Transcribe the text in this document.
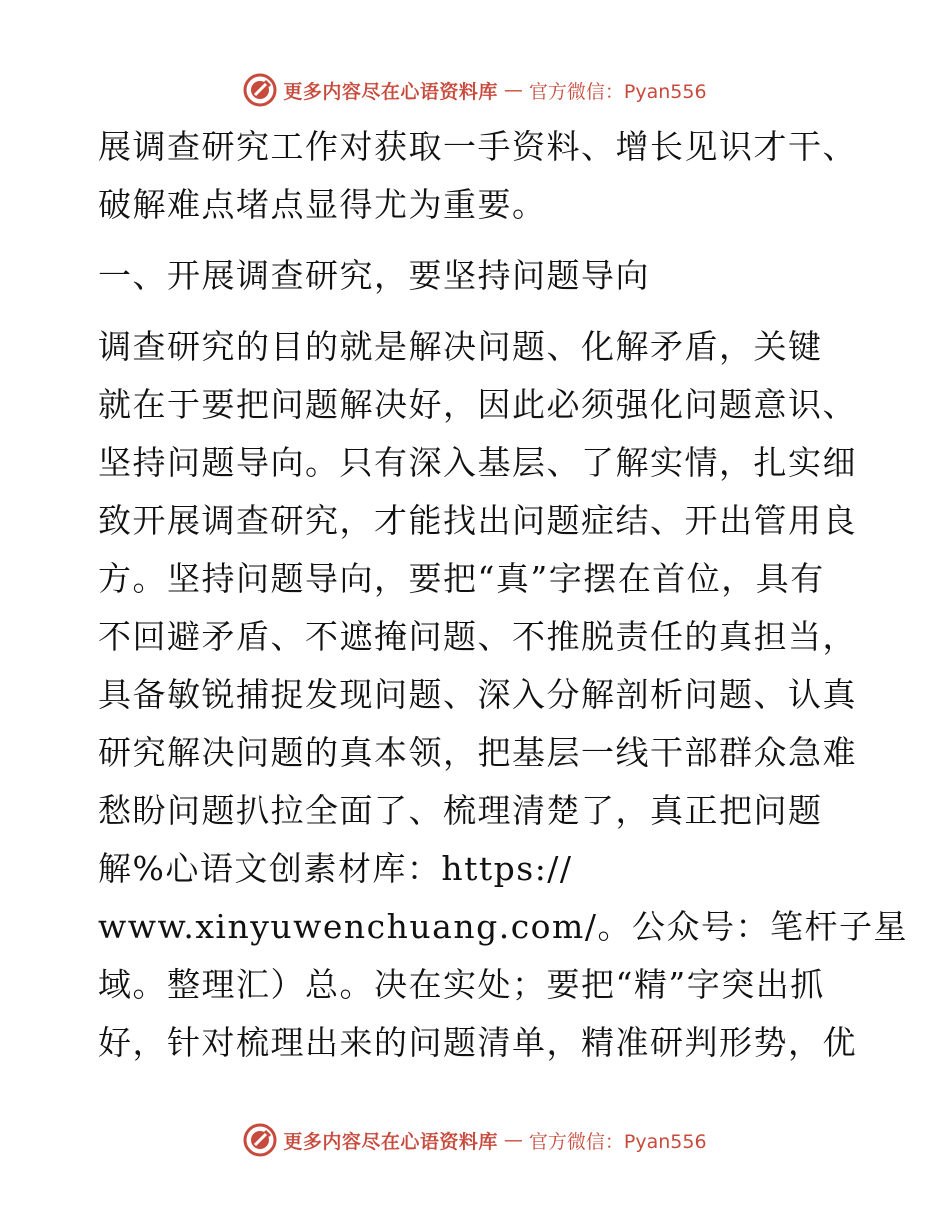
更多内容尽在心语资料库 — 官方微信：Pyan556
展调查研究工作对获取一手资料、增长见识才干、
破解难点堵点显得尤为重要。
一、开展调查研究，要坚持问题导向
调查研究的目的就是解决问题、化解矛盾，关键
就在于要把问题解决好，因此必须强化问题意识、
坚持问题导向。只有深入基层、了解实情，扎实细
致开展调查研究，才能找出问题症结、开出管用良
方。坚持问题导向，要把“真”字摆在首位，具有
不回避矛盾、不遮掩问题、不推脱责任的真担当，
具备敏锐捕捉发现问题、深入分解剖析问题、认真
研究解决问题的真本领，把基层一线干部群众急难
愁盼问题扒拉全面了、梳理清楚了，真正把问题
解%心语文创素材库：https://
www.xinyuwenchuang.com/。公众号：笔杆子星
域。整理汇）总。决在实处；要把“精”字突出抓
好，针对梳理出来的问题清单，精准研判形势，优
更多内容尽在心语资料库 — 官方微信：Pyan556
